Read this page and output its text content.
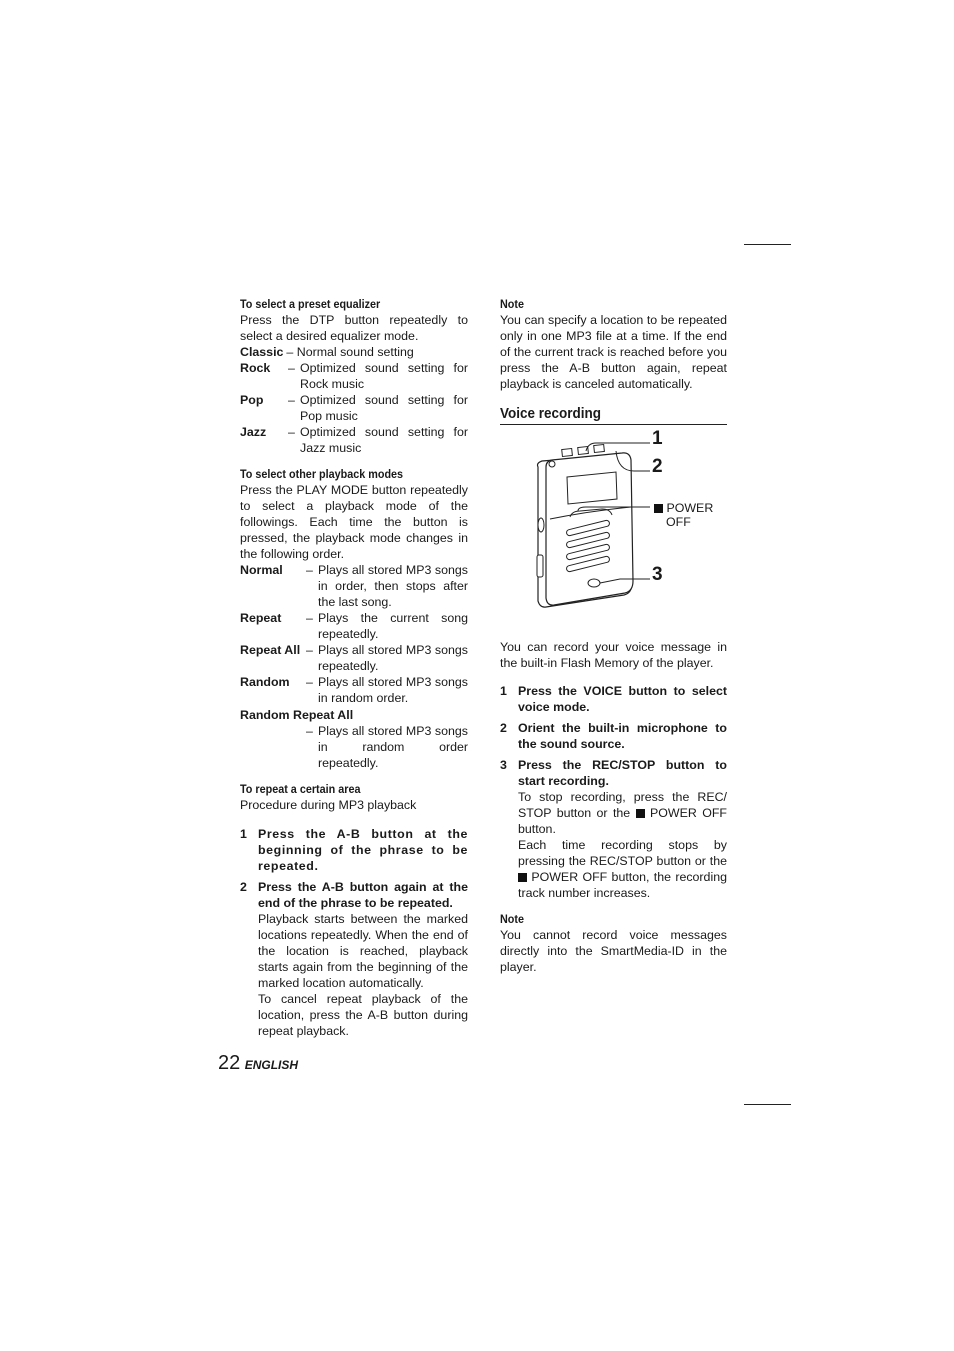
To select a preset equalizer

Press the DTP button repeatedly to select a desired equalizer mode.

Classic – Normal sound setting
Rock	– Optimized sound setting for Rock music
Pop	– Optimized sound setting for Pop music
Jazz	– Optimized sound setting for Jazz music
To select other playback modes

Press the PLAY MODE button repeatedly to select a playback mode of the followings. Each time the button is pressed, the playback mode changes in the following order.

Normal	– Plays all stored MP3 songs in order, then stops after the last song.
Repeat	– Plays the current song repeatedly.
Repeat All – Plays all stored MP3 songs repeatedly.
Random	– Plays all stored MP3 songs in random order.
Random Repeat All
– Plays all stored MP3 songs in random order repeatedly.
To repeat a certain area

Procedure during MP3 playback

1 Press the A-B button at the beginning of the phrase to be repeated.
2 Press the A-B button again at the end of the phrase to be repeated.
Playback starts between the marked locations repeatedly. When the end of the location is reached, playback starts again from the beginning of the marked location automatically.
To cancel repeat playback of the location, press the A-B button during repeat playback.
Note

You can specify a location to be repeated only in one MP3 file at a time. If the end of the current track is reached before you press the A-B button again, repeat playback is canceled automatically.

Voice recording
1
2
POWER
OFF
3

You can record your voice message in the built-in Flash Memory of the player.

1 Press the VOICE button to select voice mode.
2 Orient the built-in microphone to the sound source.
3 Press the REC/STOP button to start recording.
To stop recording, press the REC/ STOP button or the POWER OFF button.
Each time recording stops by pressing the REC/STOP button or the  POWER OFF button, the recording track number increases.
Note

You cannot record voice messages directly into the SmartMedia-ID in the player.

22 ENGLISH
